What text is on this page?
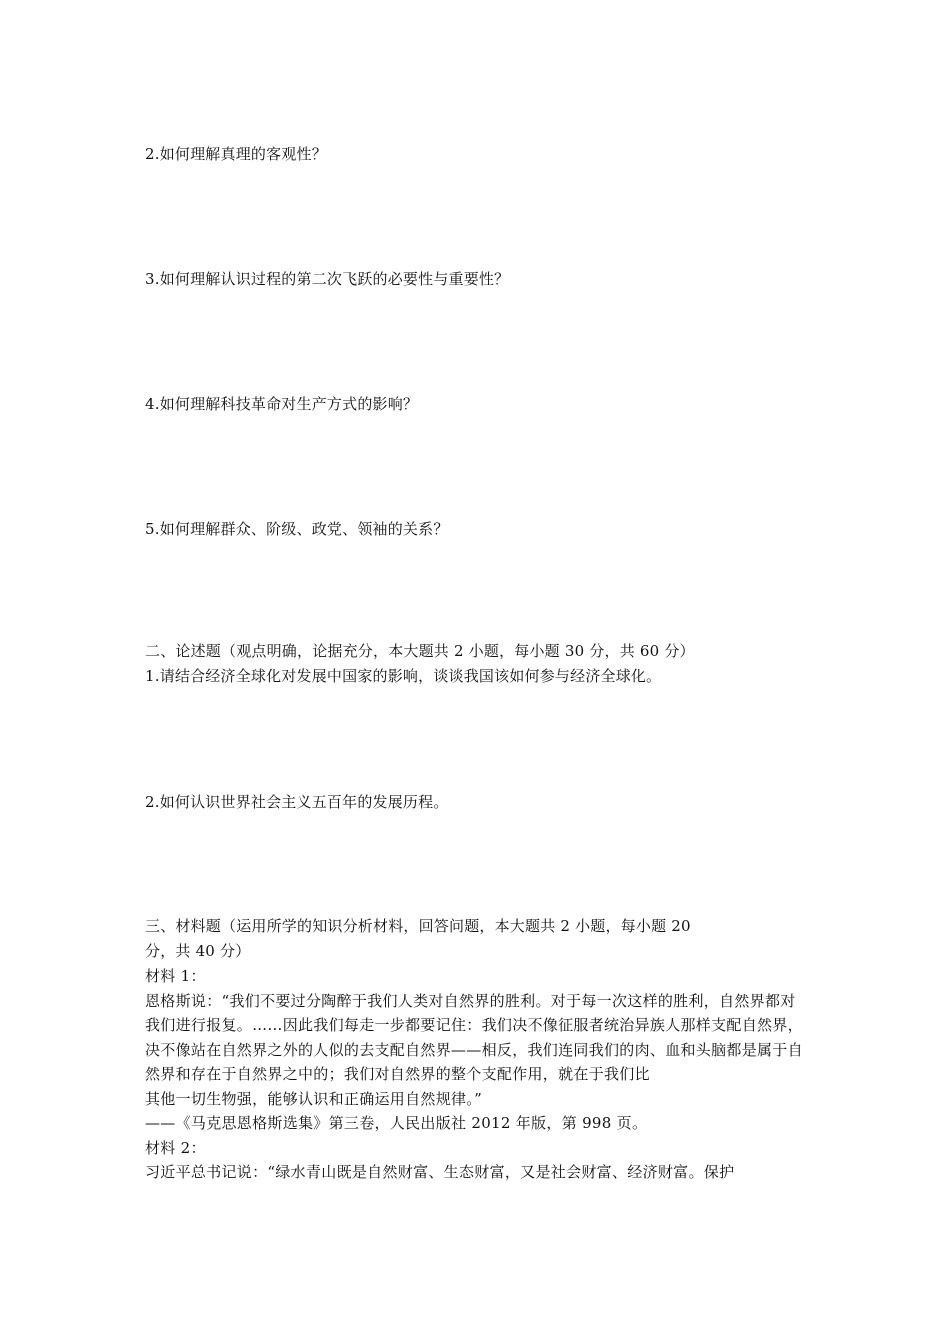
2.如何理解真理的客观性？
3.如何理解认识过程的第二次飞跃的必要性与重要性？
4.如何理解科技革命对生产方式的影响？
5.如何理解群众、阶级、政党、领袖的关系？
二、论述题（观点明确，论据充分，本大题共 2 小题，每小题 30 分，共 60 分）
1.请结合经济全球化对发展中国家的影响，谈谈我国该如何参与经济全球化。
2.如何认识世界社会主义五百年的发展历程。
三、材料题（运用所学的知识分析材料，回答问题，本大题共 2 小题，每小题 20
分，共 40 分）

材料 1：

恩格斯说：“我们不要过分陶醉于我们人类对自然界的胜利。对于每一次这样的胜利，自然界都对我们进行报复。……因此我们每走一步都要记住：我们决不像征服者统治异族人那样支配自然界，决不像站在自然界之外的人似的去支配自然界——相反，我们连同我们的肉、血和头脑都是属于自然界和存在于自然界之中的；我们对自然界的整个支配作用，就在于我们比

其他一切生物强，能够认识和正确运用自然规律。”

——《马克思恩格斯选集》第三卷，人民出版社 2012 年版，第 998 页。

材料 2：

习近平总书记说：“绿水青山既是自然财富、生态财富，又是社会财富、经济财富。保护
